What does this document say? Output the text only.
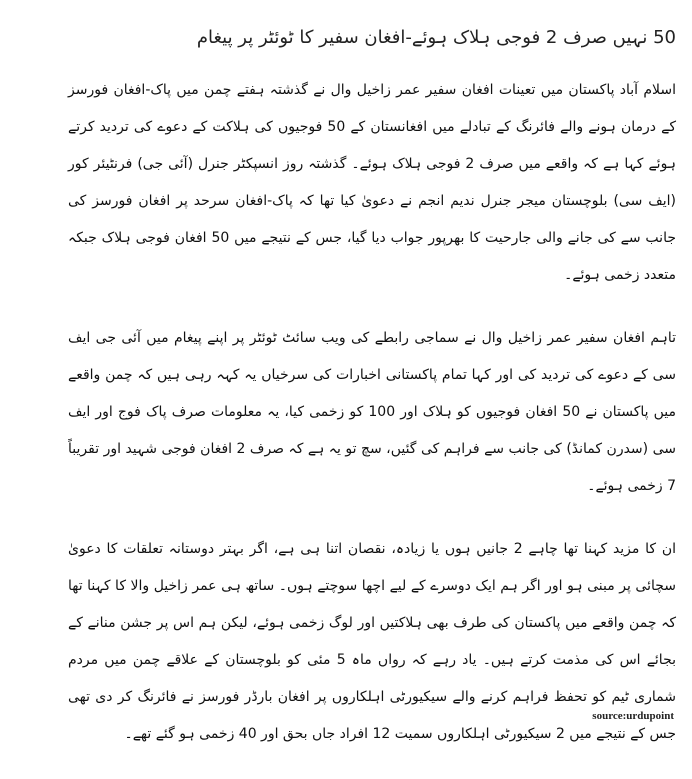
50 نہیں صرف 2 فوجی ہلاک ہوئے-افغان سفیر کا ٹوئٹر پر پیغام

اسلام آباد پاکستان میں تعینات افغان سفیر عمر زاخیل وال نے گذشتہ ہفتے چمن میں پاک-افغان فورسز کے درمان ہونے والے فائرنگ کے تبادلے میں افغانستان کے 50 فوجیوں کی ہلاکت کے دعوے کی تردید کرتے ہوئے کہا ہے کہ واقعے میں صرف 2 فوجی ہلاک ہوئے۔ گذشتہ روز انسپکٹر جنرل (آئی جی) فرنٹیئر کور (ایف سی) بلوچستان میجر جنرل ندیم انجم نے دعویٰ کیا تھا کہ پاک-افغان سرحد پر افغان فورسز کی جانب سے کی جانے والی جارحیت کا بھرپور جواب دیا گیا، جس کے نتیجے میں 50 افغان فوجی ہلاک جبکہ متعدد زخمی ہوئے۔

تاہم افغان سفیر عمر زاخیل وال نے سماجی رابطے کی ویب سائٹ ٹوئٹر پر اپنے پیغام میں آئی جی ایف سی کے دعوے کی تردید کی اور کہا تمام پاکستانی اخبارات کی سرخیاں یہ کہہ رہی ہیں کہ چمن واقعے میں پاکستان نے 50 افغان فوجیوں کو ہلاک اور 100 کو زخمی کیا، یہ معلومات صرف پاک فوج اور ایف سی (سدرن کمانڈ) کی جانب سے فراہم کی گئیں، سچ تو یہ ہے کہ صرف 2 افغان فوجی شہید اور تقریباً 7 زخمی ہوئے۔

ان کا مزید کہنا تھا چاہے 2 جانیں ہوں یا زیادہ، نقصان اتنا ہی ہے، اگر بہتر دوستانہ تعلقات کا دعویٰ سچائی پر مبنی ہو اور اگر ہم ایک دوسرے کے لیے اچھا سوچتے ہوں۔ ساتھ ہی عمر زاخیل والا کا کہنا تھا کہ چمن واقعے میں پاکستان کی طرف بھی ہلاکتیں اور لوگ زخمی ہوئے، لیکن ہم اس پر جشن منانے کے بجائے اس کی مذمت کرتے ہیں۔ یاد رہے کہ رواں ماہ 5 مئی کو بلوچستان کے علاقے چمن میں مردم شماری ٹیم کو تحفظ فراہم کرنے والے سیکیورٹی اہلکاروں پر افغان بارڈر فورسز نے فائرنگ کر دی تھی جس کے نتیجے میں 2 سیکیورٹی اہلکاروں سمیت 12 افراد جاں بحق اور 40 زخمی ہو گئے تھے۔

source:urdupoint
